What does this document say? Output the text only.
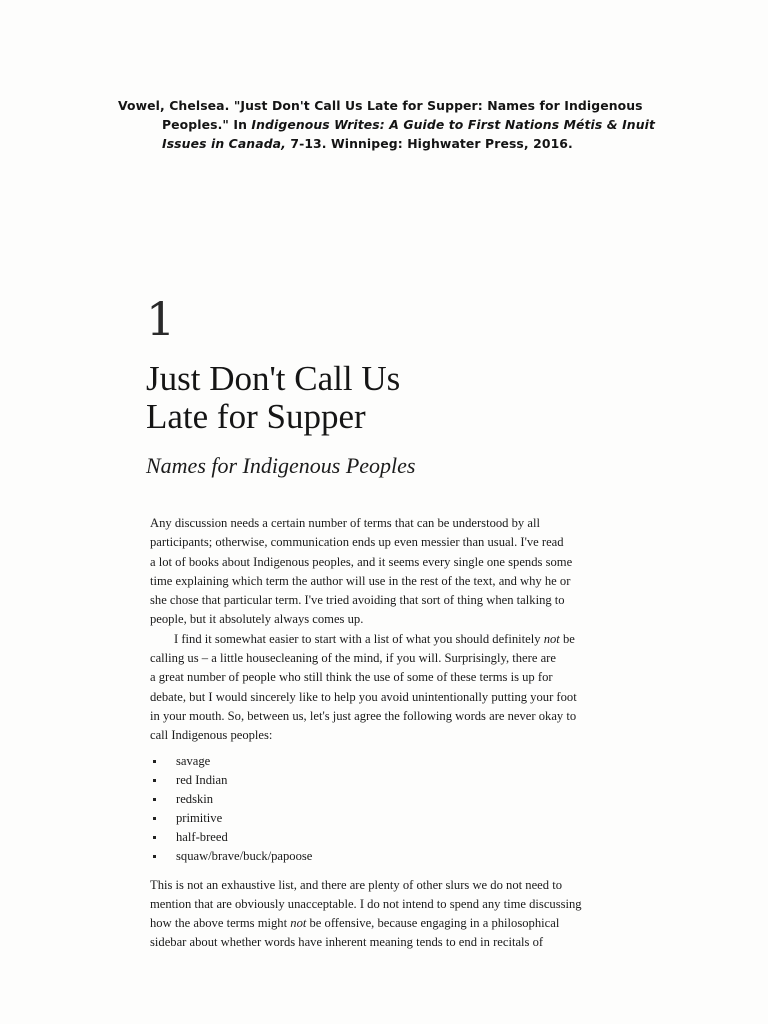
Vowel, Chelsea. "Just Don't Call Us Late for Supper: Names for Indigenous
Peoples." In Indigenous Writes: A Guide to First Nations Métis & Inuit
Issues in Canada, 7-13. Winnipeg: Highwater Press, 2016.
1
Just Don't Call Us
Late for Supper
Names for Indigenous Peoples
Any discussion needs a certain number of terms that can be understood by all
participants; otherwise, communication ends up even messier than usual. I've read
a lot of books about Indigenous peoples, and it seems every single one spends some
time explaining which term the author will use in the rest of the text, and why he or
she chose that particular term. I've tried avoiding that sort of thing when talking to
people, but it absolutely always comes up.
I find it somewhat easier to start with a list of what you should definitely not be
calling us – a little housecleaning of the mind, if you will. Surprisingly, there are
a great number of people who still think the use of some of these terms is up for
debate, but I would sincerely like to help you avoid unintentionally putting your foot
in your mouth. So, between us, let's just agree the following words are never okay to
call Indigenous peoples:
savage
red Indian
redskin
primitive
half-breed
squaw/brave/buck/papoose
This is not an exhaustive list, and there are plenty of other slurs we do not need to
mention that are obviously unacceptable. I do not intend to spend any time discussing
how the above terms might not be offensive, because engaging in a philosophical
sidebar about whether words have inherent meaning tends to end in recitals of
